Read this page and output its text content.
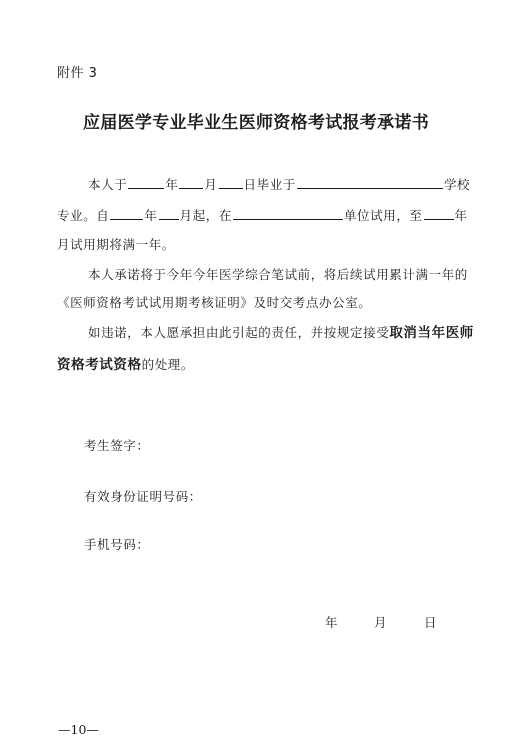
附件 3
应届医学专业毕业生医师资格考试报考承诺书
本人于	年 月 日毕业于	学校
专业。自	年 月起，在	单位试用，至	年
月试用期将满一年。
本人承诺将于今年今年医学综合笔试前，将后续试用累计满一年的
《医师资格考试试用期考核证明》及时交考点办公室。
如违诺，本人愿承担由此引起的责任，并按规定接受取消当年医师
资格考试资格的处理。
考生签字：
有效身份证明号码：
手机号码：
年	月	日
—10—
